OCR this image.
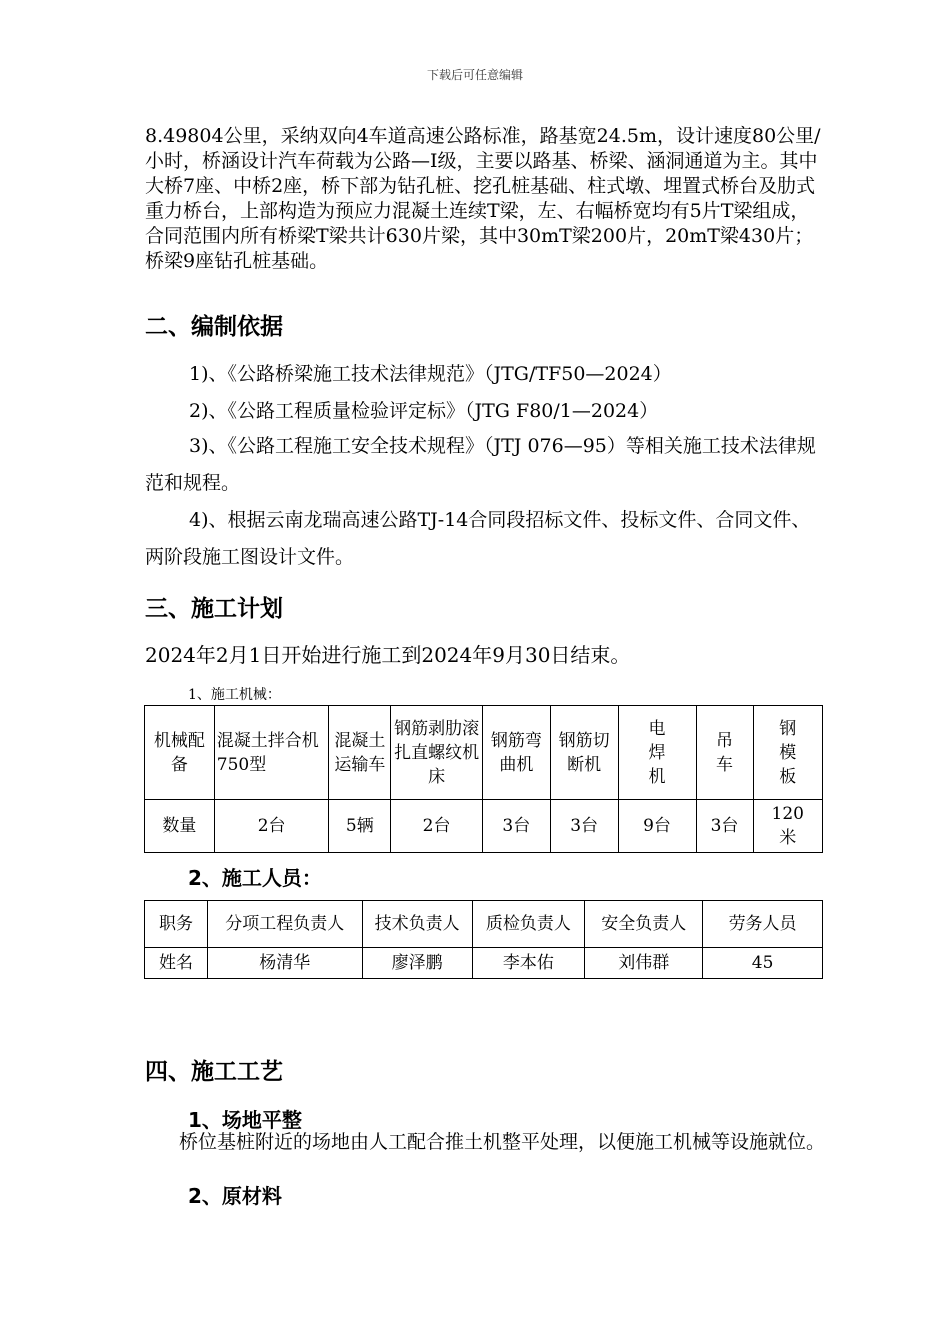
下载后可任意编辑

8.49804公里，采纳双向4车道高速公路标准，路基宽24.5m，设计速度80公里/小时，桥涵设计汽车荷载为公路—Ⅰ级，主要以路基、桥梁、涵洞通道为主。其中大桥7座、中桥2座，桥下部为钻孔桩、挖孔桩基础、柱式墩、埋置式桥台及肋式重力桥台，上部构造为预应力混凝土连续T梁，左、右幅桥宽均有5片T梁组成，合同范围内所有桥梁T梁共计630片梁，其中30mT梁200片，20mT梁430片；桥梁9座钻孔桩基础。

二、编制依据

1)、《公路桥梁施工技术法律规范》（JTG/TF50—2024）

2)、《公路工程质量检验评定标》（JTG F80/1—2024）

3)、《公路工程施工安全技术规程》（JTJ 076—95）等相关施工技术法律规范和规程。

4)、根据云南龙瑞高速公路TJ-14合同段招标文件、投标文件、合同文件、两阶段施工图设计文件。

三、施工计划

2024年2月1日开始进行施工到2024年9月30日结束。

1、施工机械：

机械配备	混凝土拌合机750型	混凝土运输车	钢筋剥肋滚扎直螺纹机床	钢筋弯曲机	钢筋切断机	电焊机	吊车	钢模板
数量	2台	5辆	2台	3台	3台	9台	3台	120米
2、施工人员：
职务	分项工程负责人	技术负责人	质检负责人	安全负责人	劳务人员
姓名	杨清华	廖泽鹏	李本佑	刘伟群	45
四、施工工艺
1、场地平整

桥位基桩附近的场地由人工配合推土机整平处理，以便施工机械等设施就位。

2、原材料
